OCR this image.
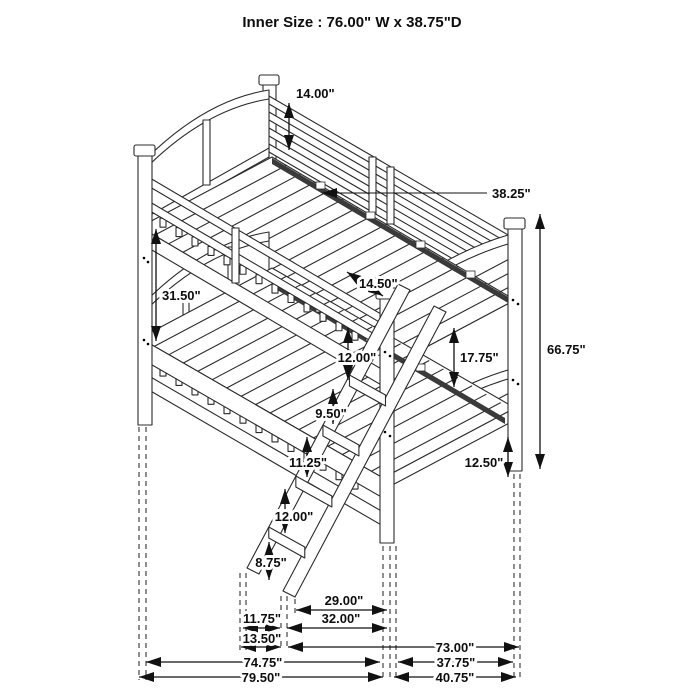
Inner Size : 76.00" W x 38.75"D
14.00"
38.25"
31.50"
14.50"
12.00"
9.50"
11.25"
12.00"
8.75"
17.75"
66.75"
12.50"
29.00"
11.75"	32.00"
13.50"
73.00"
74.75"	37.75"
79.50"	40.75"
